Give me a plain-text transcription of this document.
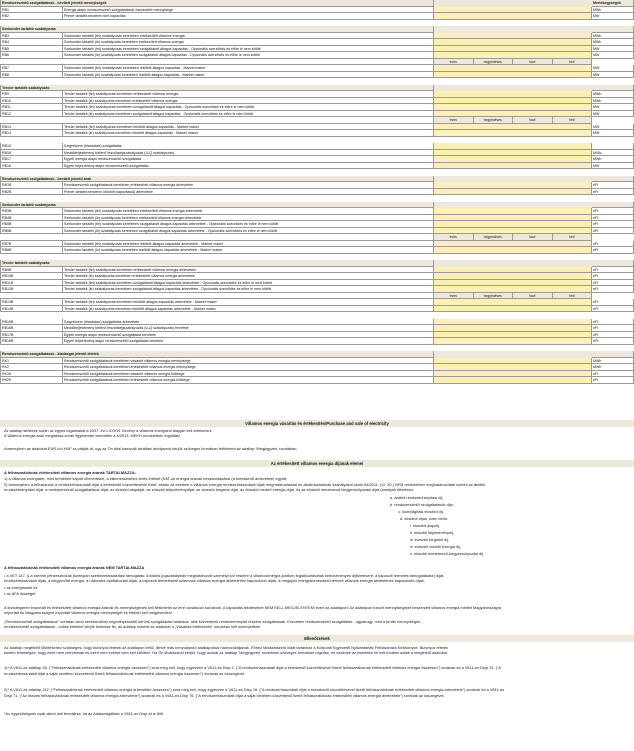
Rendszerszintű szolgáltatások - bevitelt jelentő mennyiségek	Mértékegységek
RB1	Energia alapú rendszerszintű szolgáltatások összesített mennyisége	MWh
RB2	Primer tartalék tenderen kiírt kapacitás	MW
Szekunder tartalék szabályozás
RB3	Szekunder tartalék (fel) szabályozás keretében értékesített villamos energia	MWh
RB4	Szekunder tartalék (le) szabályozás keretében értékesített villamos energia	MWh
RB5	Szekunder tartalék (fel) szabályozás keretében szolgáltatott átlagos kapacitás - Opcionális szerződés és előre le nem kötött	MW
RB6	Szekunder tartalék (le) szabályozás keretében szolgáltatott átlagos kapacitás - Opcionális szerződés és előre le nem kötött	MW
éves	negyedéves	havi	heti
RB7	Szekunder tartalék (fel) szabályozás keretében lekötött átlagos kapacitás - Market maker	MW
RB8	Szekunder tartalék (le) szabályozás keretében lekötött átlagos kapacitás - Market maker	MW
Tercier tartalék szabályozás
RB9	Tercier tartalék (fel) szabályozás keretében értékesített villamos energia	MWh
RB10	Tercier tartalék (le) szabályozás keretében értékesített villamos energia	MWh
RB11	Tercier tartalék (fel) szabályozás keretében szolgáltatott átlagos kapacitás - Opcionális szerződés és előre le nem kötött	MW
RB12	Tercier tartalék (le) szabályozás keretében szolgáltatott átlagos kapacitás - Opcionális szerződés és előre le nem kötött	MW
éves	negyedéves	havi	heti
RB13	Tercier tartalék (fel) szabályozás keretében lekötött átlagos kapacitás - Market maker	MW
RB14	Tercier tartalék (le) szabályozás keretében lekötött átlagos kapacitás - Market maker	MW
RB15	Szigetüzem (blackstart) szolgáltatás
RB16	Meddőteljesítmény történő feszültségszabályozás (U-Q szabályozás)	MVAr
RB17	Egyéb energia alapú rendszerszintű szolgáltatás	MWh
RB18	Egyéb teljesítmény alapú rendszerszintű szolgáltatás	MW
Rendszerszintű szolgáltatások - bevitelt jelentő árak
RB1B	Rendszerszintű szolgáltatások keretében értékesített villamos energia árbevétele	eFt
RB2B	Primer tartalék tenderen lekötött kapacitásdíj árbevétele	eFt
Szekunder tartalék szabályozás
RB3B	Szekunder tartalék (fel) szabályozás keretében értékesített villamos energia árbevétele	eFt
RB4B	Szekunder tartalék (le) szabályozás keretében értékesített villamos energia árbevétele	eFt
RB5B	Szekunder tartalék (fel) szabályozás keretében szolgáltatott átlagos kapacitás árbevétele - Opcionális szerződés és előre le nem kötött	eFt
RB6B	Szekunder tartalék (le) szabályozás keretében szolgáltatott átlagos kapacitás árbevétele - Opcionális szerződés és előre le nem kötött	eFt
éves	negyedéves	havi	heti
RB7B	Szekunder tartalék (fel) szabályozás keretében lekötött átlagos kapacitás árbevétele - Market maker	eFt
RB8B	Szekunder tartalék (le) szabályozás keretében lekötött átlagos kapacitás árbevétele - Market maker	eFt
Tercier tartalék szabályozás
RB9B	Tercier tartalék (fel) szabályozás keretében értékesített villamos energia árbevétele	eFt
RB10B	Tercier tartalék (le) szabályozás keretében értékesített villamos energia árbevétele	eFt
RB11B	Tercier tartalék (fel) szabályozás keretében szolgáltatott átlagos kapacitás árbevétele - Opcionális szerződés és előre le nem kötött	eFt
RB12B	Tercier tartalék (le) szabályozás keretében szolgáltatott átlagos kapacitás árbevétele - Opcionális szerződés és előre le nem kötött	eFt
éves	negyedéves	havi	heti
RB13B	Tercier tartalék (fel) szabályozás keretében lekötött átlagos kapacitás árbevétele - Market maker	eFt
RB14B	Tercier tartalék (le) szabályozás keretében lekötött átlagos kapacitás árbevétele - Market maker	eFt
RB15B	Szigetüzem (blackstart) szolgáltatás árbevétele	eFt
RB16B	Meddőteljesítmény történő feszültségszabályozás (U-Q szabályozás) bevétele	eFt
RB17B	Egyéb energia alapú rendszerszintű szolgáltatás bevétele	eFt
RB18B	Egyéb teljesítmény alapú rendszerszintű szolgáltatás bevétele	eFt
Rendszerszintű szolgáltatások - kiadásgai jelentő tételek
RK1	Rendszerszintű szolgáltatások keretében vásárolt villamos energia mennyisége	MWh
RK2	Rendszerszintű szolgáltatások keretében értékesített villamos energia mennyisége	MWh
RK1K	Rendszerszintű szolgáltatások keretében vásárolt villamos energia költsége	eFt
RK2K	Rendszerszintű szolgáltatások keretében értékesített villamos energia költsége	eFt
Villamos energia vásárlás és értékesítés/Purchase and sale of electricity
Az adatlap kitöltése során az egyes fogalmakat a 2007. évi LXXXVI. törvény a villamos energiáról alapján kell értelmezni.
A villamos energia árak megadása során figyelembe veendőek a 4/2013. MEKH rendeletben foglaltak!
Amennyiben az adatokat EUR-ból HUF-ra váltják át, úgy az Ön által használt átváltási árfolyamot kérjük szöveges formában feltüntetni az adatlap 'Megjegyzés' rovatában.
Az értékesített villamos energia díjának elemei
A felhasználóknak értékesített villamos energia árának TARTALMAZZA:
1) a villamos energiáért, mint termékért kapott ellenértéket, a kiskereskedelmi árrés értékét (KAT-os energia árának beszámításával (a kereskedő árbevétele) együtt;
2) amennyiben a felhasználó a rendszerhasználati díjat a kereskedő közvetítésével fizeti, abban az esetben a villamos energia rendszerhasználati díjak meghatározásáról és alkalmazásának szabályairól szóló 64/2011. (XI. 30.) NFM rendeletben meghatározottak szerint az átviteli-
rendszerirányítási díjat, a rendszerszintű szolgáltatások díját, az elosztói alapdíjat, az elosztói teljesítménydíjat, az elosztói forgalmi díjat, az elosztói meddő energia díjat, és az elosztói menetrendi kiegyensúlyozási díjat (amelyek tételesen:
a. átviteli rendszerirányítási díj,
b. rendszerszintű szolgáltatások díja,
c. közvilágítási elosztói díj,
d. elosztói díjak, ezen belül:
i. elosztói alapdíj,
ii. elosztói teljesítménydíj,
iii. elosztói forgalmi díj,
iv. elosztói meddő energia díj,
v. elosztói menetrendi kiegyensúlyozási díj
A felhasználóknak értékesített villamos energia árának NEM TARTALMAZZA
• a VET 147. §-a szerinti pénzeszközök (szénipari szerkezetátalakítási támogatás; a kiskés jogszabályban meghatározott személyi kör részére a villamosenergia-iparban foglalkoztatottak kedvezményes díjfizetésére; a kapcsolt termelés támogatására) díját,
rendszerhasználati díjak, a kiegyenlítő energia, a hálózatra csatlakozási díjak, a kapcsolt termelésből származó villamos energia átvételéhez kapcsolódó díjak, a megújuló energiaforrásokból termelt villamos energia átvételéhez kapcsolódó díjak,
• az energiaadót és
• az ÁFA összegét.
A tőzsdeigeren exportált és értékesített villamos energia árának és mennyiségének kell feltüntetni az erre vonatkozó sorokban. A kapacitás lekötéseket NEM KELL MEGJELENTENI ezen az adatlapon! Az adatlapon tranzit mennyiségeket beszerzett villamos energia mellett Magyarországra
importált és Magyarországról exportált villamos energia mennyiségét és értékét kell megjeleníteni.
„Rendszerszintű szolgáltatások" sorában azon kereskedelmi engedélyesektől kérünk szolgáltatást adatokat, akik közvetlenül rendszerirányító részére szolgáltatnak. Közvetlen rendszerszintű szolgáltatás - ugyanúgy, mint a bruttó mennyiségek -
rendszerszintű szolgáltatások - nullás értékkel kérjük tüntesse fel, az adatlap szerinti az adatokat a „Vásárlás-értékesítés" sorokban kell szerepeltetni.
Ellenőrzések
Az adatlap megfelelő kitöltéséhez szükséges, hogy bizonyos tételek az adatlapon belül, illetve más benyújtandó adatlapokkal harmonizáljanak. Ehhez táblázatszerű listát tartalmaz a Központi Egyezetői Nyilvántartás Felhasználói Kézikönyve. Bizonyos tételek
esetén lehetséges, hogy ezek nem relevánsak és ezért nem ezeket nem kell kitölteni. Ha Ön kiválasztott kérjük, hogy azokat az adatlap 'Megjegyzés' rovatában szöveges formában rögzítse, és ezeknek az esetében fel kell tüntetni adtak a megfelelő adatokat.
1)* A V611-es adatlap 35. ("Felhasználóknak értékesített villamos energia összesen") sora meg kell, hogy egyezzen a V611-es Dísp 1. ("A rendszerhasználati díjat a kereskedő közvetítésével fizető felhasználóknak értékesített villamos energia összesen") sorának és a V611-es Dísp 31. ("A
rendszerhasználati díjat a saját nevében közvetlenül fizető felhasználóknak értékesített villamos energia összesen") sorának az összegével.
2)* A V611-es adatlap 112. ("Felhasználóknak értékesített villamos energia árbevétele összesen") sora meg kell, hogy egyezzen a V611-es Dísp 16. ("A rendszerhasználati díjat a kereskedő közvetítésével fizető felhasználóknak értékesített villamos energia árbevétele") sorának és a V611-es
Dísp 71. ("Az összes felhasználóknak értékesített villamos energia árbevétele") sorának és a V611-es Dísp 76. ("A rendszerhasználati díjat a saját nevében közvetlenül fizető felhasználóknak értékesített villamos energia árbevétele") sorának az összegével.
*Az egyezőségnek csak akkor kell fennállnia, ha az Adatszolgáltató a V611-es Dísp-et is tölti.
